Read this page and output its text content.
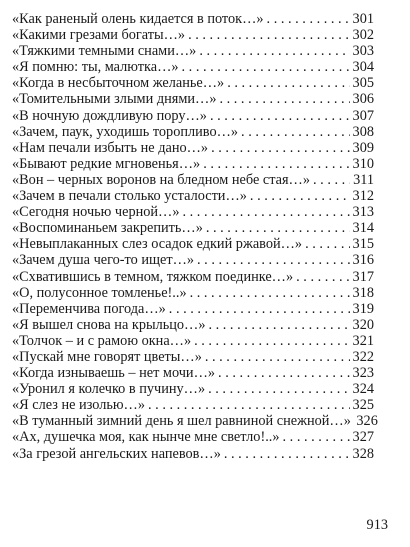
«Как раненый олень кидается в поток…» . . .	301
«Какими грезами богаты…» . . .	302
«Тяжкими темными снами…» . . .	303
«Я помню: ты, малютка…» . . .	304
«Когда в несбыточном желанье…» . . .	305
«Томительными злыми днями…» . . .	306
«В ночную дождливую пору…» . . .	307
«Зачем, паук, уходишь торопливо…» . . .	308
«Нам печали избыть не дано…» . . .	309
«Бывают редкие мгновенья…» . . .	310
«Вон – черных воронов на бледном небе стая…» . . .	311
«Зачем в печали столько усталости…» . . .	312
«Сегодня ночью черной…» . . .	313
«Воспоминаньем закрепить…» . . .	314
«Невыплаканных слез осадок едкий ржавой…» . . .	315
«Зачем душа чего-то ищет…» . . .	316
«Схватившись в темном, тяжком поединке…» . . .	317
«О, полусонное томленье!..» . . .	318
«Переменчива погода…» . . .	319
«Я вышел снова на крыльцо…» . . .	320
«Толчок – и с рамою окна…» . . .	321
«Пускай мне говорят цветы…» . . .	322
«Когда изнываешь – нет мочи…» . . .	323
«Уронил я колечко в пучину…» . . .	324
«Я слез не изолью…» . . .	325
«В туманный зимний день я шел равниной снежной…» 326
«Ах, душечка моя, как нынче мне светло!..» . . .	327
«За грезой ангельских напевов…» . . .	328
913
